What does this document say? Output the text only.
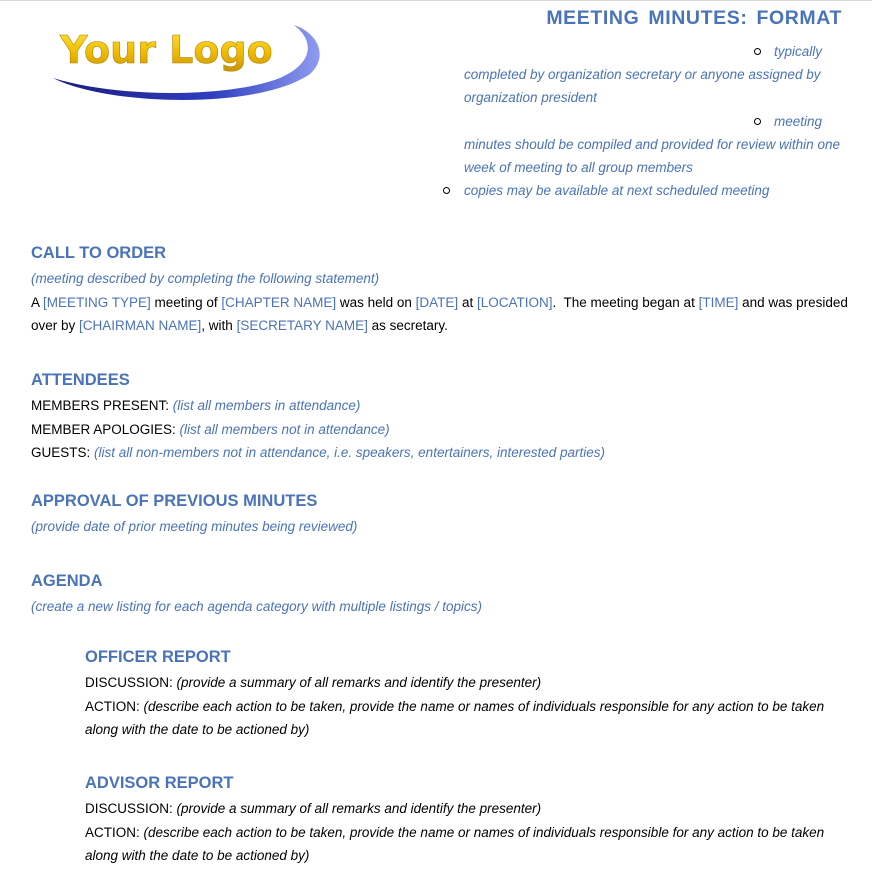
Your Logo
MEETING MINUTES: FORMAT
typically
completed by organization secretary or anyone assigned by organization president
meeting
minutes should be compiled and provided for review within one week of meeting to all group members
copies may be available at next scheduled meeting
CALL TO ORDER
(meeting described by completing the following statement)
A [MEETING TYPE] meeting of [CHAPTER NAME] was held on [DATE] at [LOCATION].  The meeting began at [TIME] and was presided over by [CHAIRMAN NAME], with [SECRETARY NAME] as secretary.
ATTENDEES
MEMBERS PRESENT: (list all members in attendance)
MEMBER APOLOGIES: (list all members not in attendance)
GUESTS: (list all non-members not in attendance, i.e. speakers, entertainers, interested parties)
APPROVAL OF PREVIOUS MINUTES
(provide date of prior meeting minutes being reviewed)
AGENDA
(create a new listing for each agenda category with multiple listings / topics)
OFFICER REPORT
DISCUSSION: (provide a summary of all remarks and identify the presenter)
ACTION: (describe each action to be taken, provide the name or names of individuals responsible for any action to be taken along with the date to be actioned by)
ADVISOR REPORT
DISCUSSION: (provide a summary of all remarks and identify the presenter)
ACTION: (describe each action to be taken, provide the name or names of individuals responsible for any action to be taken along with the date to be actioned by)
